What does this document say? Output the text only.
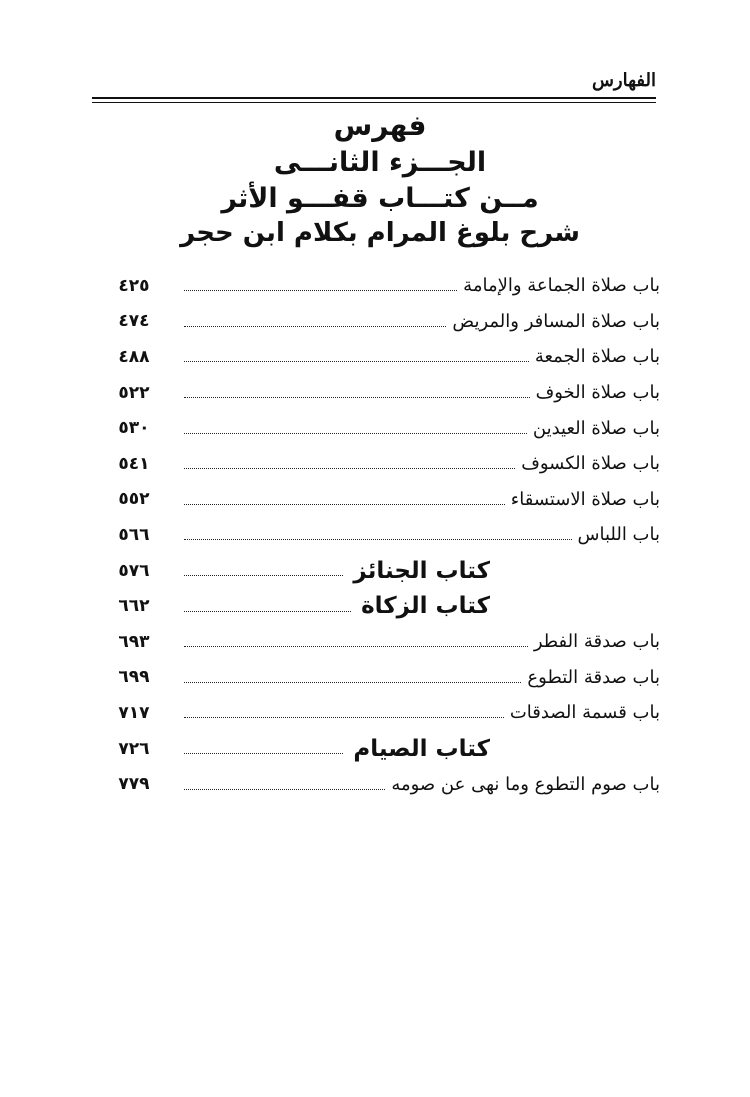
الفهارس
فهرس
الجـــزء الثانـــى
مــن كتـــاب قفـــو الأثر
شرح بلوغ المرام بكلام ابن حجر
باب صلاة الجماعة والإمامة
٤٢٥
باب صلاة المسافر والمريض
٤٧٤
باب صلاة الجمعة
٤٨٨
باب صلاة الخوف
٥٢٢
باب صلاة العيدين
٥٣٠
باب صلاة الكسوف
٥٤١
باب صلاة الاستسقاء
٥٥٢
باب اللباس
٥٦٦
كتاب الجنائز
٥٧٦
كتاب الزكاة
٦٦٢
باب صدقة الفطر
٦٩٣
باب صدقة التطوع
٦٩٩
باب قسمة الصدقات
٧١٧
كتاب الصيام
٧٢٦
باب صوم التطوع وما نهى عن صومه
٧٧٩
